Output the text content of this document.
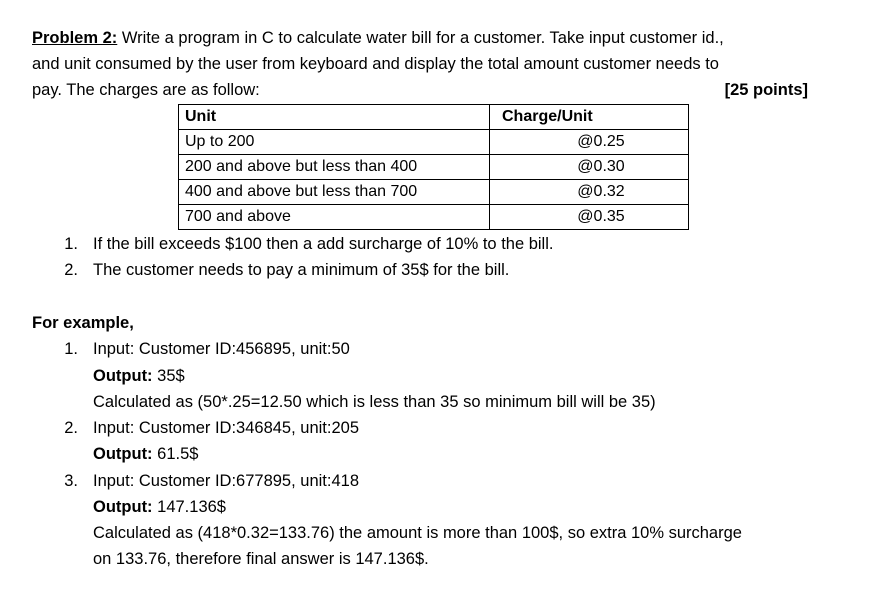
Problem 2: Write a program in C to calculate water bill for a customer. Take input customer id.,
and unit consumed by the user from keyboard and display the total amount customer needs to
pay. The charges are as follow:	[25 points]
Unit	Charge/Unit
Up to 200	@0.25
200 and above but less than 400	@0.30
400 and above but less than 700	@0.32
700 and above	@0.35
1. If the bill exceeds $100 then a add surcharge of 10% to the bill.
2. The customer needs to pay a minimum of 35$ for the bill.
For example,
1. Input: Customer ID:456895, unit:50
Output: 35$
Calculated as (50*.25=12.50 which is less than 35 so minimum bill will be 35)
2. Input: Customer ID:346845, unit:205
Output: 61.5$
3. Input: Customer ID:677895, unit:418
Output: 147.136$
Calculated as (418*0.32=133.76) the amount is more than 100$, so extra 10% surcharge
on 133.76, therefore final answer is 147.136$.
